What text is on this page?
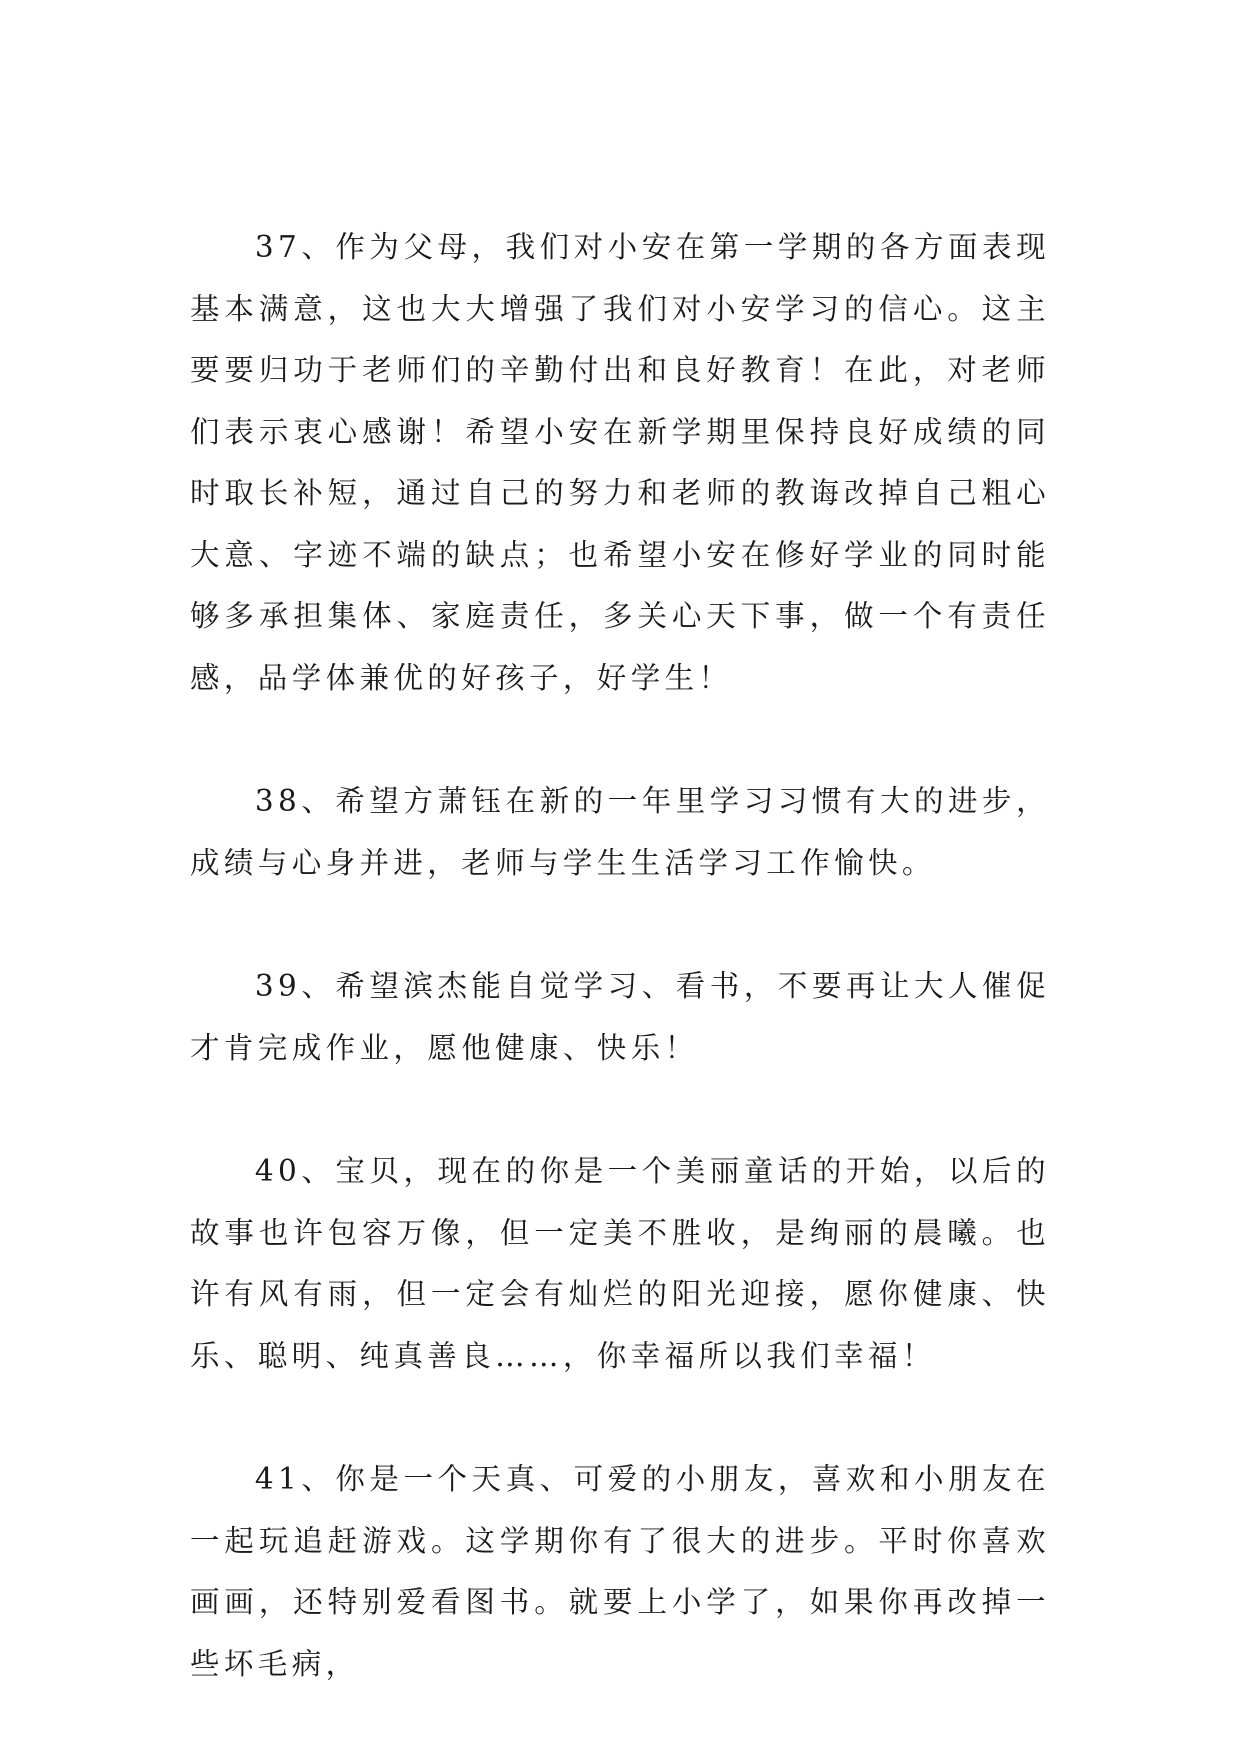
37、作为父母，我们对小安在第一学期的各方面表现基本满意，这也大大增强了我们对小安学习的信心。这主要要归功于老师们的辛勤付出和良好教育！在此，对老师们表示衷心感谢！希望小安在新学期里保持良好成绩的同时取长补短，通过自己的努力和老师的教诲改掉自己粗心大意、字迹不端的缺点；也希望小安在修好学业的同时能够多承担集体、家庭责任，多关心天下事，做一个有责任感，品学体兼优的好孩子，好学生！

38、希望方萧钰在新的一年里学习习惯有大的进步，成绩与心身并进，老师与学生生活学习工作愉快。

39、希望滨杰能自觉学习、看书，不要再让大人催促才肯完成作业，愿他健康、快乐！

40、宝贝，现在的你是一个美丽童话的开始，以后的故事也许包容万像，但一定美不胜收，是绚丽的晨曦。也许有风有雨，但一定会有灿烂的阳光迎接，愿你健康、快乐、聪明、纯真善良……，你幸福所以我们幸福！

41、你是一个天真、可爱的小朋友，喜欢和小朋友在一起玩追赶游戏。这学期你有了很大的进步。平时你喜欢画画，还特别爱看图书。就要上小学了，如果你再改掉一些坏毛病，
